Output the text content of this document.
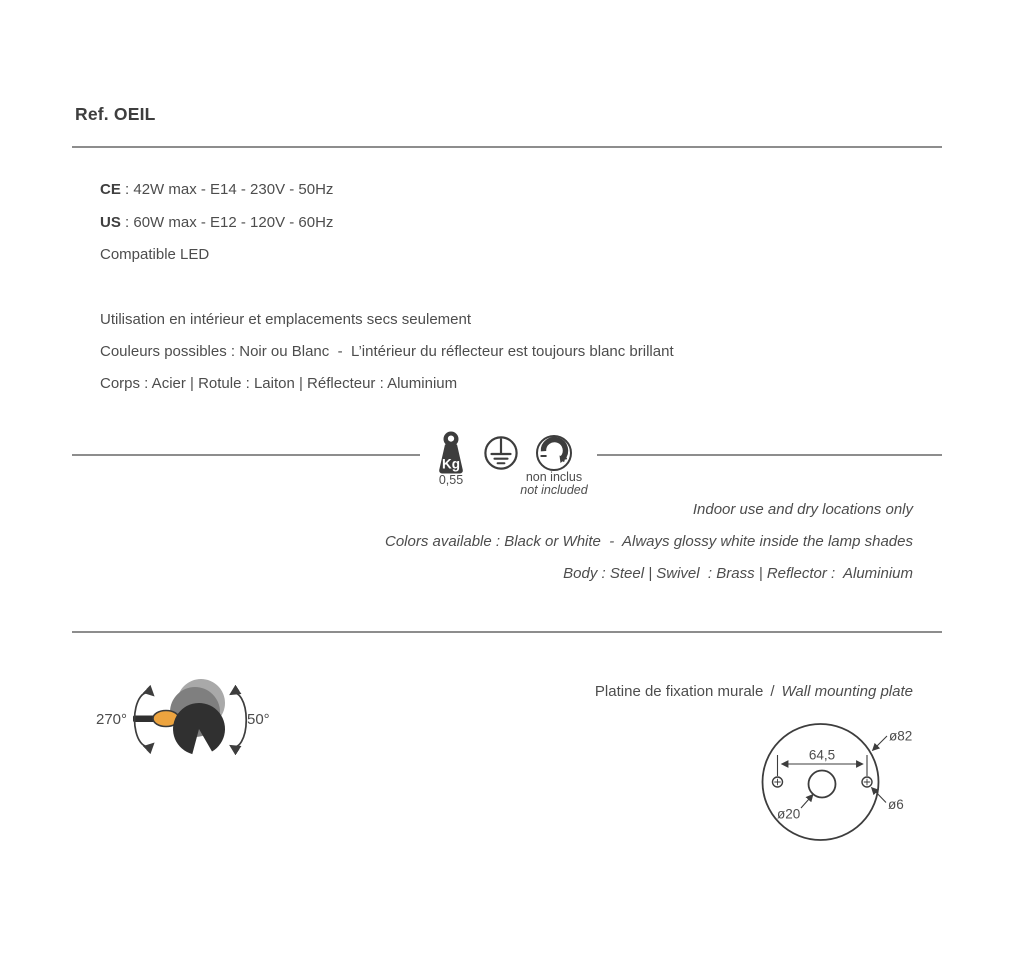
Ref. OEIL

CE : 42W max - E14 - 230V - 50Hz

US : 60W max - E12 - 120V - 60Hz

Compatible LED

Utilisation en intérieur et emplacements secs seulement

Couleurs possibles : Noir ou Blanc  -  L’intérieur du réflecteur est toujours blanc brillant

Corps : Acier | Rotule : Laiton | Réflecteur : Aluminium

Kg

0,55	non inclus

not included

Indoor use and dry locations only

Colors available : Black or White  -  Always glossy white inside the lamp shades

Body : Steel | Swivel  : Brass | Reflector :  Aluminium

270°	50°

Platine de fixation murale / Wall mounting plate

64,5
ø82
ø6
ø20
